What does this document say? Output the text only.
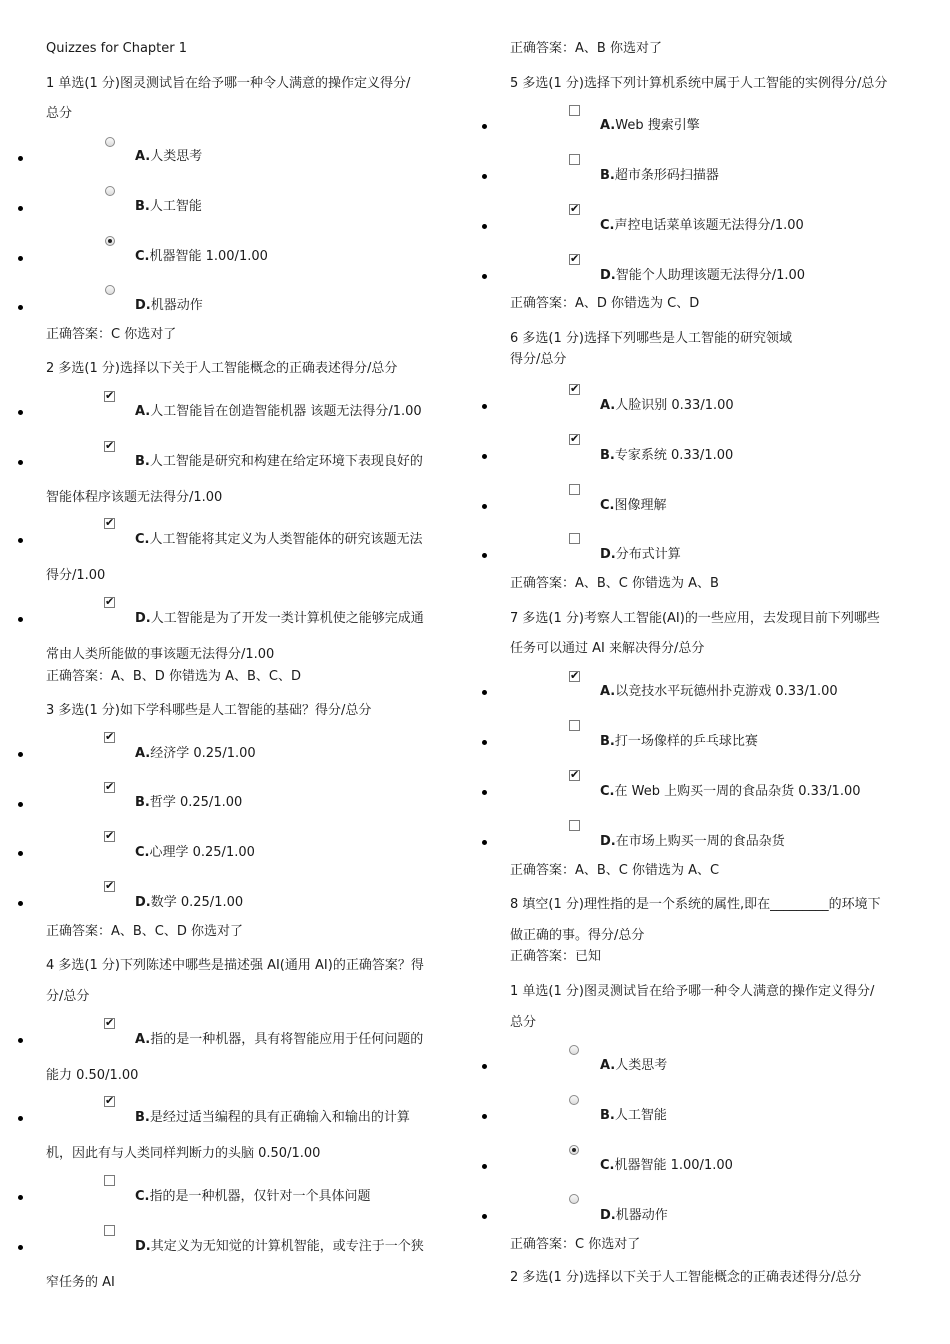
Quizzes for Chapter 1
1 单选(1 分)图灵测试旨在给予哪一种令人满意的操作定义得分/
总分
A.人类思考
B.人工智能
C.机器智能 1.00/1.00
D.机器动作
正确答案：C 你选对了
2 多选(1 分)选择以下关于人工智能概念的正确表述得分/总分
✔
A.人工智能旨在创造智能机器 该题无法得分/1.00
✔
B.人工智能是研究和构建在给定环境下表现良好的
智能体程序该题无法得分/1.00
✔
C.人工智能将其定义为人类智能体的研究该题无法
得分/1.00
✔
D.人工智能是为了开发一类计算机使之能够完成通
常由人类所能做的事该题无法得分/1.00
正确答案：A、B、D 你错选为 A、B、C、D
3 多选(1 分)如下学科哪些是人工智能的基础？得分/总分
✔
A.经济学 0.25/1.00
✔
B.哲学 0.25/1.00
✔
C.心理学 0.25/1.00
✔
D.数学 0.25/1.00
正确答案：A、B、C、D 你选对了
4 多选(1 分)下列陈述中哪些是描述强 AI(通用 AI)的正确答案？得
分/总分
✔
A.指的是一种机器，具有将智能应用于任何问题的
能力 0.50/1.00
✔
B.是经过适当编程的具有正确输入和输出的计算
机，因此有与人类同样判断力的头脑 0.50/1.00
C.指的是一种机器，仅针对一个具体问题
D.其定义为无知觉的计算机智能，或专注于一个狭
窄任务的 AI
正确答案：A、B 你选对了
5 多选(1 分)选择下列计算机系统中属于人工智能的实例得分/总分
A.Web 搜索引擎
B.超市条形码扫描器
✔
C.声控电话菜单该题无法得分/1.00
✔
D.智能个人助理该题无法得分/1.00
正确答案：A、D 你错选为 C、D
6 多选(1 分)选择下列哪些是人工智能的研究领域
得分/总分
✔
A.人脸识别 0.33/1.00
✔
B.专家系统 0.33/1.00
C.图像理解
D.分布式计算
正确答案：A、B、C 你错选为 A、B
7 多选(1 分)考察人工智能(AI)的一些应用，去发现目前下列哪些
任务可以通过 AI 来解决得分/总分
✔
A.以竞技水平玩德州扑克游戏 0.33/1.00
B.打一场像样的乒乓球比赛
✔
C.在 Web 上购买一周的食品杂货 0.33/1.00
D.在市场上购买一周的食品杂货
正确答案：A、B、C 你错选为 A、C
8 填空(1 分)理性指的是一个系统的属性,即在_________的环境下
做正确的事。得分/总分
正确答案：已知
1 单选(1 分)图灵测试旨在给予哪一种令人满意的操作定义得分/
总分
A.人类思考
B.人工智能
C.机器智能 1.00/1.00
D.机器动作
正确答案：C 你选对了
2 多选(1 分)选择以下关于人工智能概念的正确表述得分/总分
